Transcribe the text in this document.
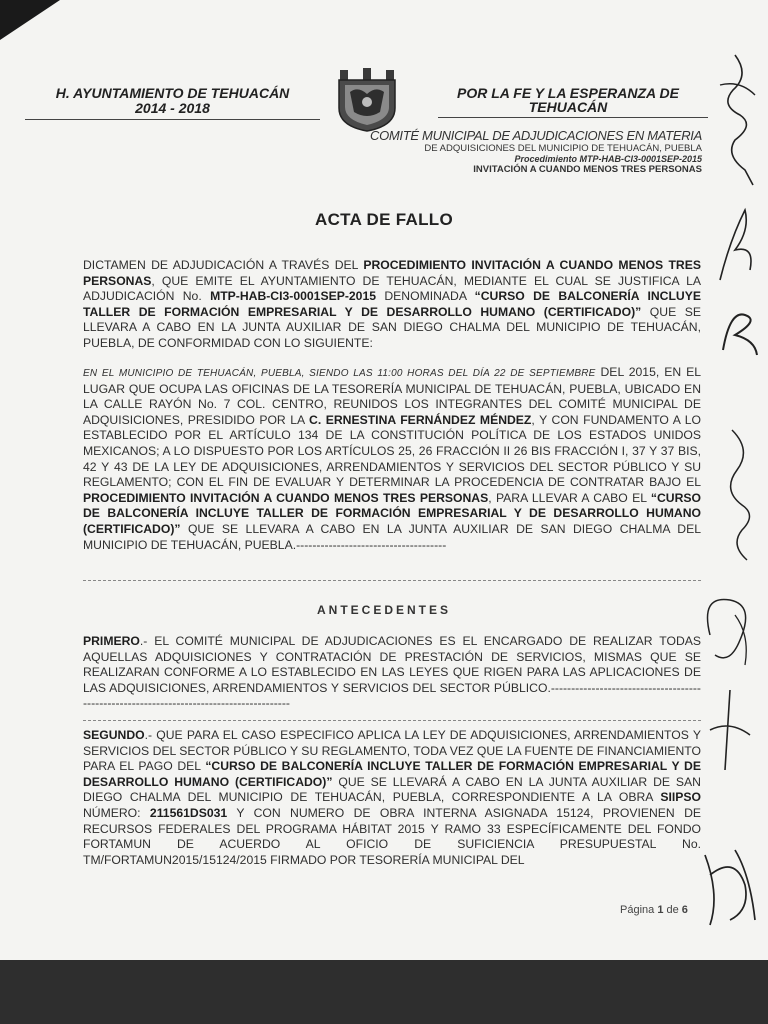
H. AYUNTAMIENTO DE TEHUACÁN
2014 - 2018
POR LA FE Y LA ESPERANZA DE
TEHUACÁN
COMITÉ MUNICIPAL DE ADJUDICACIONES EN MATERIA
DE ADQUISICIONES DEL MUNICIPIO DE TEHUACÁN, PUEBLA
Procedimiento MTP-HAB-CI3-0001SEP-2015
INVITACIÓN A CUANDO MENOS TRES PERSONAS
ACTA DE FALLO
DICTAMEN DE ADJUDICACIÓN A TRAVÉS DEL PROCEDIMIENTO INVITACIÓN A CUANDO MENOS TRES PERSONAS, QUE EMITE EL AYUNTAMIENTO DE TEHUACÁN, MEDIANTE EL CUAL SE JUSTIFICA LA ADJUDICACIÓN No. MTP-HAB-CI3-0001SEP-2015 DENOMINADA “CURSO DE BALCONERÍA INCLUYE TALLER DE FORMACIÓN EMPRESARIAL Y DE DESARROLLO HUMANO (CERTIFICADO)” QUE SE LLEVARA A CABO EN LA JUNTA AUXILIAR DE SAN DIEGO CHALMA DEL MUNICIPIO DE TEHUACÁN, PUEBLA, DE CONFORMIDAD CON LO SIGUIENTE:
EN EL MUNICIPIO DE TEHUACÁN, PUEBLA, SIENDO LAS 11:00 HORAS DEL DÍA 22 DE SEPTIEMBRE DEL 2015, EN EL LUGAR QUE OCUPA LAS OFICINAS DE LA TESORERÍA MUNICIPAL DE TEHUACÁN, PUEBLA, UBICADO EN LA CALLE RAYÓN No. 7 COL. CENTRO, REUNIDOS LOS INTEGRANTES DEL COMITÉ MUNICIPAL DE ADQUISICIONES, PRESIDIDO POR LA C. ERNESTINA FERNÁNDEZ MÉNDEZ, Y CON FUNDAMENTO A LO ESTABLECIDO POR EL ARTÍCULO 134 DE LA CONSTITUCIÓN POLÍTICA DE LOS ESTADOS UNIDOS MEXICANOS; A LO DISPUESTO POR LOS ARTÍCULOS 25, 26 FRACCIÓN II 26 BIS FRACCIÓN I, 37 Y 37 BIS, 42 Y 43 DE LA LEY DE ADQUISICIONES, ARRENDAMIENTOS Y SERVICIOS DEL SECTOR PÚBLICO Y SU REGLAMENTO; CON EL FIN DE EVALUAR Y DETERMINAR LA PROCEDENCIA DE CONTRATAR BAJO EL PROCEDIMIENTO INVITACIÓN A CUANDO MENOS TRES PERSONAS, PARA LLEVAR A CABO EL “CURSO DE BALCONERÍA INCLUYE TALLER DE FORMACIÓN EMPRESARIAL Y DE DESARROLLO HUMANO (CERTIFICADO)” QUE SE LLEVARA A CABO EN LA JUNTA AUXILIAR DE SAN DIEGO CHALMA DEL MUNICIPIO DE TEHUACÁN, PUEBLA.-------------------------------------
ANTECEDENTES
PRIMERO.- EL COMITÉ MUNICIPAL DE ADJUDICACIONES ES EL ENCARGADO DE REALIZAR TODAS AQUELLAS ADQUISICIONES Y CONTRATACIÓN DE PRESTACIÓN DE SERVICIOS, MISMAS QUE SE REALIZARAN CONFORME A LO ESTABLECIDO EN LAS LEYES QUE RIGEN PARA LAS APLICACIONES DE LAS ADQUISICIONES, ARRENDAMIENTOS Y SERVICIOS DEL SECTOR PÚBLICO.----------------------------------------------------------------------------------------
SEGUNDO.- QUE PARA EL CASO ESPECIFICO APLICA LA LEY DE ADQUISICIONES, ARRENDAMIENTOS Y SERVICIOS DEL SECTOR PÚBLICO Y SU REGLAMENTO, TODA VEZ QUE LA FUENTE DE FINANCIAMIENTO PARA EL PAGO DEL “CURSO DE BALCONERÍA INCLUYE TALLER DE FORMACIÓN EMPRESARIAL Y DE DESARROLLO HUMANO (CERTIFICADO)” QUE SE LLEVARÁ A CABO EN LA JUNTA AUXILIAR DE SAN DIEGO CHALMA DEL MUNICIPIO DE TEHUACÁN, PUEBLA, CORRESPONDIENTE A LA OBRA SIIPSO NÚMERO: 211561DS031 Y CON NUMERO DE OBRA INTERNA ASIGNADA 15124, PROVIENEN DE RECURSOS FEDERALES DEL PROGRAMA HÁBITAT 2015 Y RAMO 33 ESPECÍFICAMENTE DEL FONDO FORTAMUN DE ACUERDO AL OFICIO DE SUFICIENCIA PRESUPUESTAL No. TM/FORTAMUN2015/15124/2015 FIRMADO POR TESORERÍA MUNICIPAL DEL
Página 1 de 6
